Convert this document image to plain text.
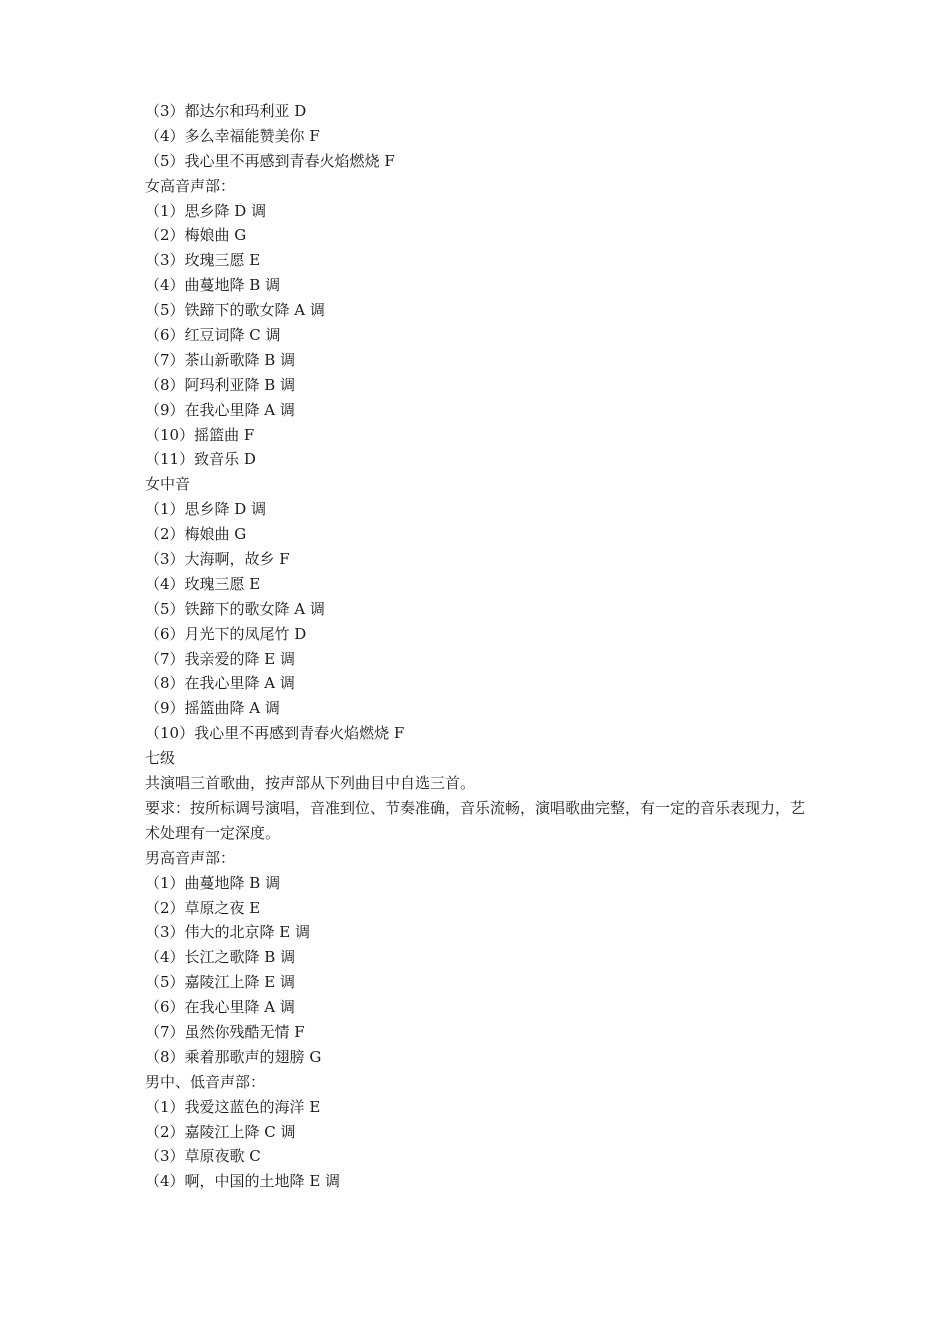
（3）都达尔和玛利亚 D
（4）多么幸福能赞美你 F
（5）我心里不再感到青春火焰燃烧 F
女高音声部：
（1）思乡降 D 调
（2）梅娘曲 G
（3）玫瑰三愿 E
（4）曲蔓地降 B 调
（5）铁蹄下的歌女降 A 调
（6）红豆词降 C 调
（7）茶山新歌降 B 调
（8）阿玛利亚降 B 调
（9）在我心里降 A 调
（10）摇篮曲 F
（11）致音乐 D
女中音
（1）思乡降 D 调
（2）梅娘曲 G
（3）大海啊，故乡 F
（4）玫瑰三愿 E
（5）铁蹄下的歌女降 A 调
（6）月光下的凤尾竹 D
（7）我亲爱的降 E 调
（8）在我心里降 A 调
（9）摇篮曲降 A 调
（10）我心里不再感到青春火焰燃烧 F
七级
共演唱三首歌曲，按声部从下列曲目中自选三首。
要求：按所标调号演唱，音准到位、节奏准确，音乐流畅，演唱歌曲完整，有一定的音乐表现力，艺术处理有一定深度。
男高音声部：
（1）曲蔓地降 B 调
（2）草原之夜 E
（3）伟大的北京降 E 调
（4）长江之歌降 B 调
（5）嘉陵江上降 E 调
（6）在我心里降 A 调
（7）虽然你残酷无情 F
（8）乘着那歌声的翅膀 G
男中、低音声部：
（1）我爱这蓝色的海洋 E
（2）嘉陵江上降 C 调
（3）草原夜歌 C
（4）啊，中国的土地降 E 调
